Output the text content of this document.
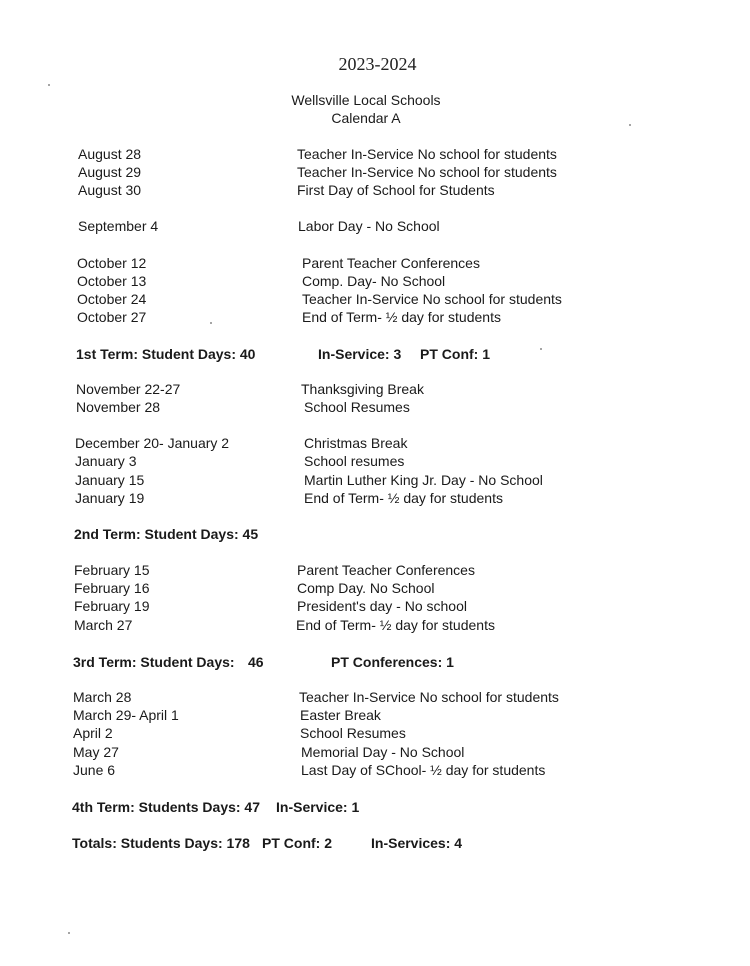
2023-2024
Wellsville Local Schools
Calendar A
August 28	Teacher In-Service No school for students
August 29	Teacher In-Service No school for students
August 30	First Day of School for Students
September 4	Labor Day - No School
October 12	Parent Teacher Conferences
October 13	Comp. Day- No School
October 24	Teacher In-Service No school for students
October 27	End of Term- ½ day for students
1st Term: Student Days: 40	In-Service: 3 PT Conf: 1
November 22-27	Thanksgiving Break
November 28	School Resumes
December 20- January 2	Christmas Break
January 3	School resumes
January 15	Martin Luther King Jr. Day - No School
January 19	End of Term- ½ day for students
2nd Term: Student Days: 45
February 15	Parent Teacher Conferences
February 16	Comp Day. No School
February 19	President's day - No school
March 27	End of Term- ½ day for students
3rd Term: Student Days: 46	PT Conferences: 1
March 28	Teacher In-Service No school for students
March 29- April 1	Easter Break
April 2	School Resumes
May 27	Memorial Day - No School
June 6	Last Day of SChool- ½ day for students
4th Term: Students Days: 47 In-Service: 1
Totals: Students Days: 178 PT Conf: 2	In-Services: 4
